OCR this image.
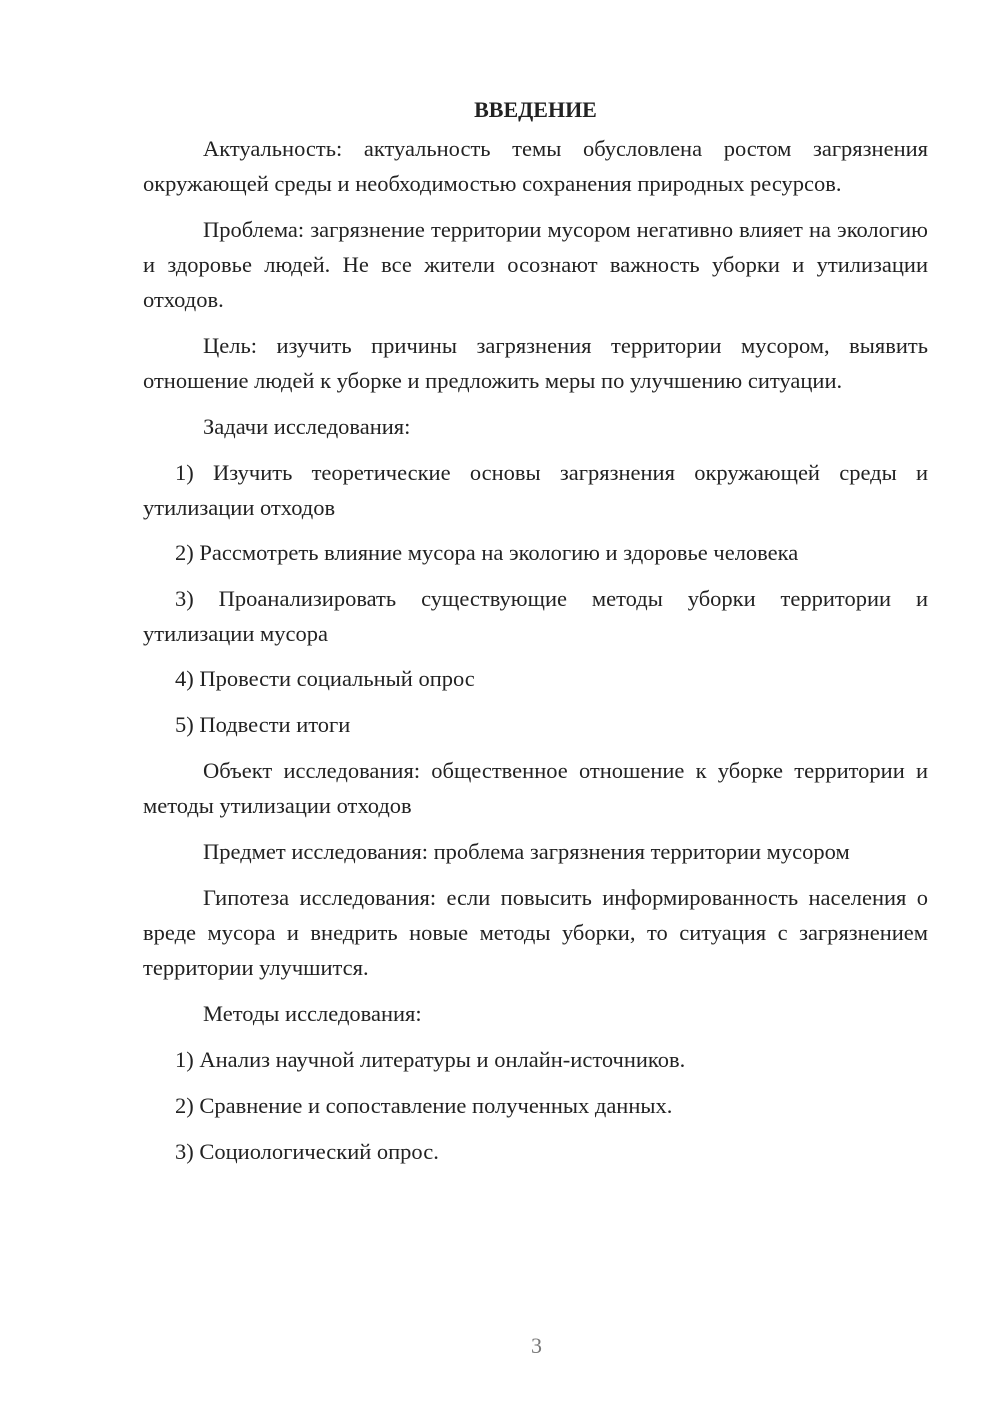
ВВЕДЕНИЕ
Актуальность: актуальность темы обусловлена ростом загрязнения окружающей среды и необходимостью сохранения природных ресурсов.
Проблема: загрязнение территории мусором негативно влияет на экологию и здоровье людей. Не все жители осознают важность уборки и утилизации отходов.
Цель: изучить причины загрязнения территории мусором, выявить отношение людей к уборке и предложить меры по улучшению ситуации.
Задачи исследования:
1) Изучить теоретические основы загрязнения окружающей среды и утилизации отходов
2) Рассмотреть влияние мусора на экологию и здоровье человека
3) Проанализировать существующие методы уборки территории и утилизации мусора
4) Провести социальный опрос
5) Подвести итоги
Объект исследования: общественное отношение к уборке территории и методы утилизации отходов
Предмет исследования: проблема загрязнения территории мусором
Гипотеза исследования: если повысить информированность населения о вреде мусора и внедрить новые методы уборки, то ситуация с загрязнением территории улучшится.
Методы исследования:
1) Анализ научной литературы и онлайн-источников.
2) Сравнение и сопоставление полученных данных.
3) Социологический опрос.
3
